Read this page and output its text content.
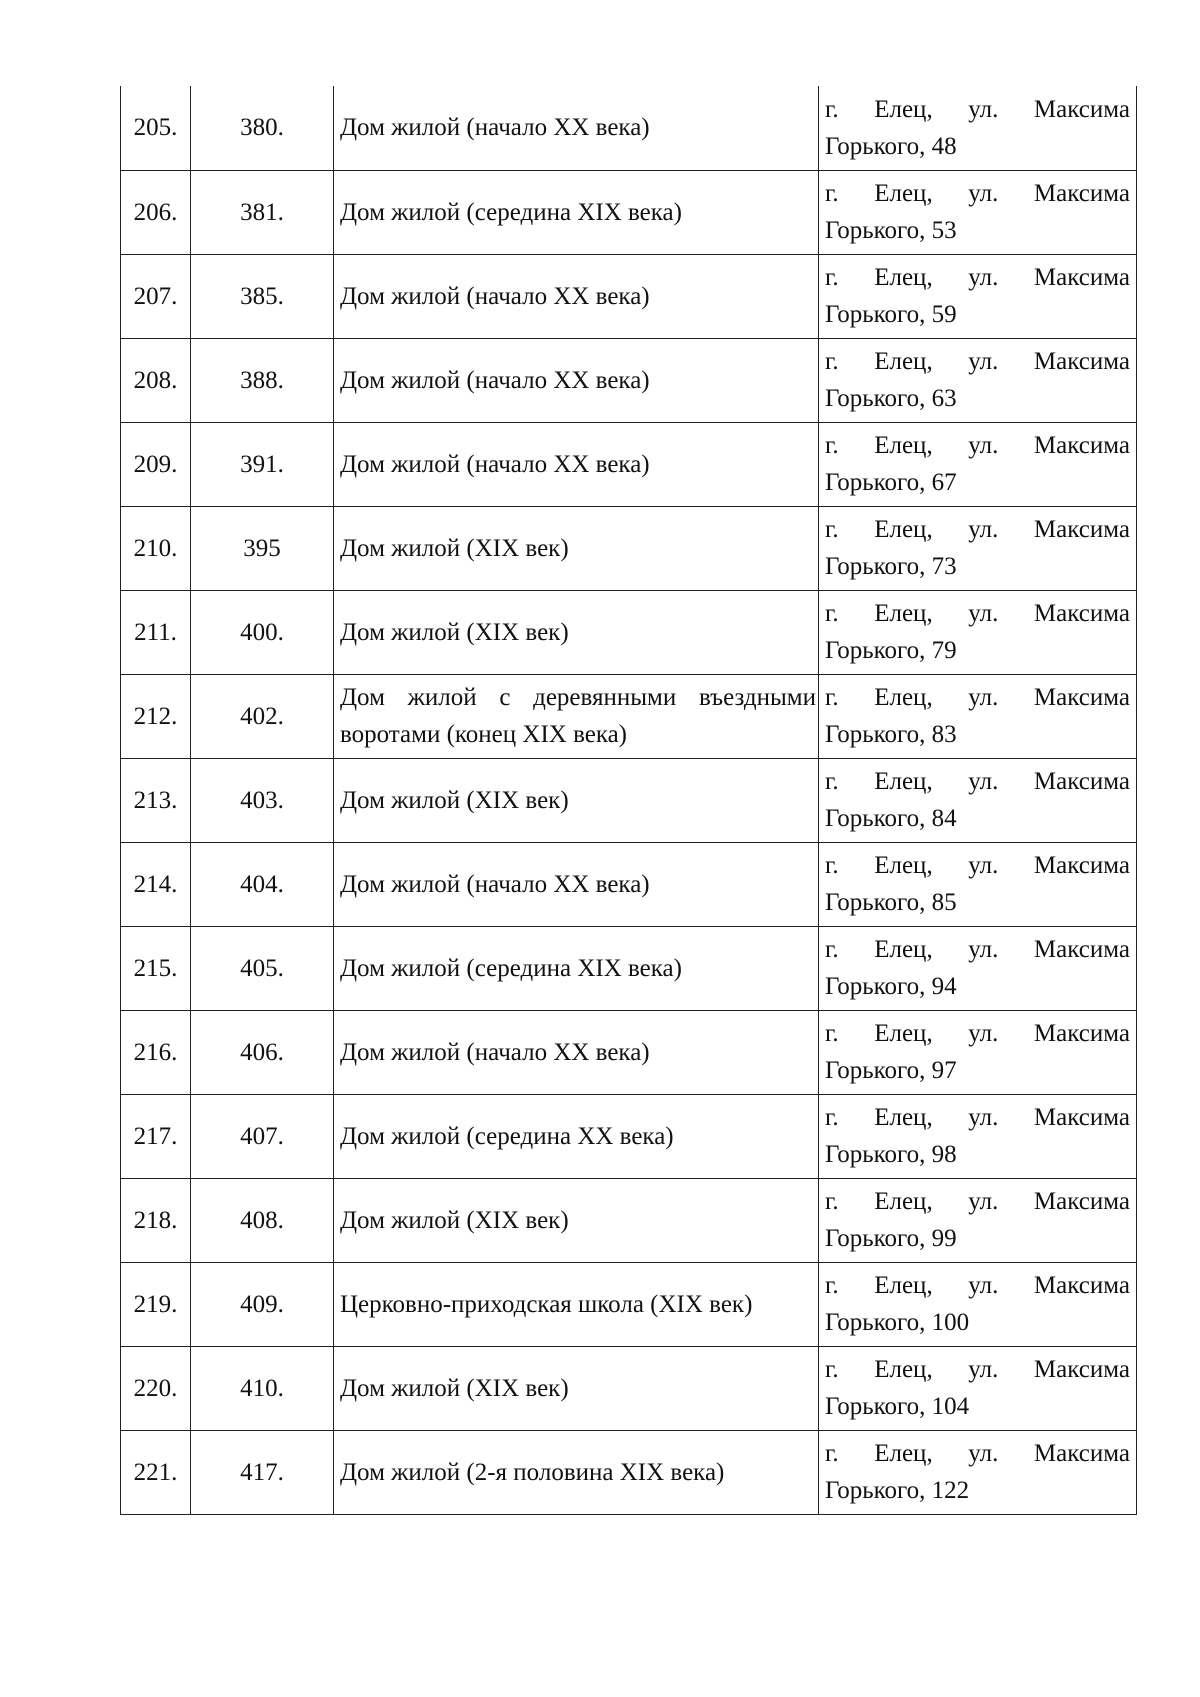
205.	380.	Дом жилой (начало XX века)	г. Елец, ул. Максима
Горького, 48

206.	381.	Дом жилой (середина XIX века)	г. Елец, ул. Максима
Горького, 53

207.	385.	Дом жилой (начало XX века)	г. Елец, ул. Максима
Горького, 59

208.	388.	Дом жилой (начало XX века)	г. Елец, ул. Максима
Горького, 63

209.	391.	Дом жилой (начало XX века)	г. Елец, ул. Максима
Горького, 67

210.	395	Дом жилой (XIX век)	г. Елец, ул. Максима
Горького, 73

211.	400.	Дом жилой (XIX век)	г. Елец, ул. Максима
Горького, 79

212.	402.	Дом жилой с деревянными въездными воротами (конец XIX века)	г. Елец, ул. Максима
Горького, 83

213.	403.	Дом жилой (XIX век)	г. Елец, ул. Максима
Горького, 84

214.	404.	Дом жилой (начало XX века)	г. Елец, ул. Максима
Горького, 85

215.	405.	Дом жилой (середина XIX века)	г. Елец, ул. Максима
Горького, 94

216.	406.	Дом жилой (начало XX века)	г. Елец, ул. Максима
Горького, 97

217.	407.	Дом жилой (середина XX века)	г. Елец, ул. Максима
Горького, 98

218.	408.	Дом жилой (XIX век)	г. Елец, ул. Максима
Горького, 99

219.	409.	Церковно-приходская школа (XIX век)	г. Елец, ул. Максима
Горького, 100

220.	410.	Дом жилой (XIX век)	г. Елец, ул. Максима
Горького, 104

221.	417.	Дом жилой (2-я половина XIX века)	г. Елец, ул. Максима
Горького, 122
